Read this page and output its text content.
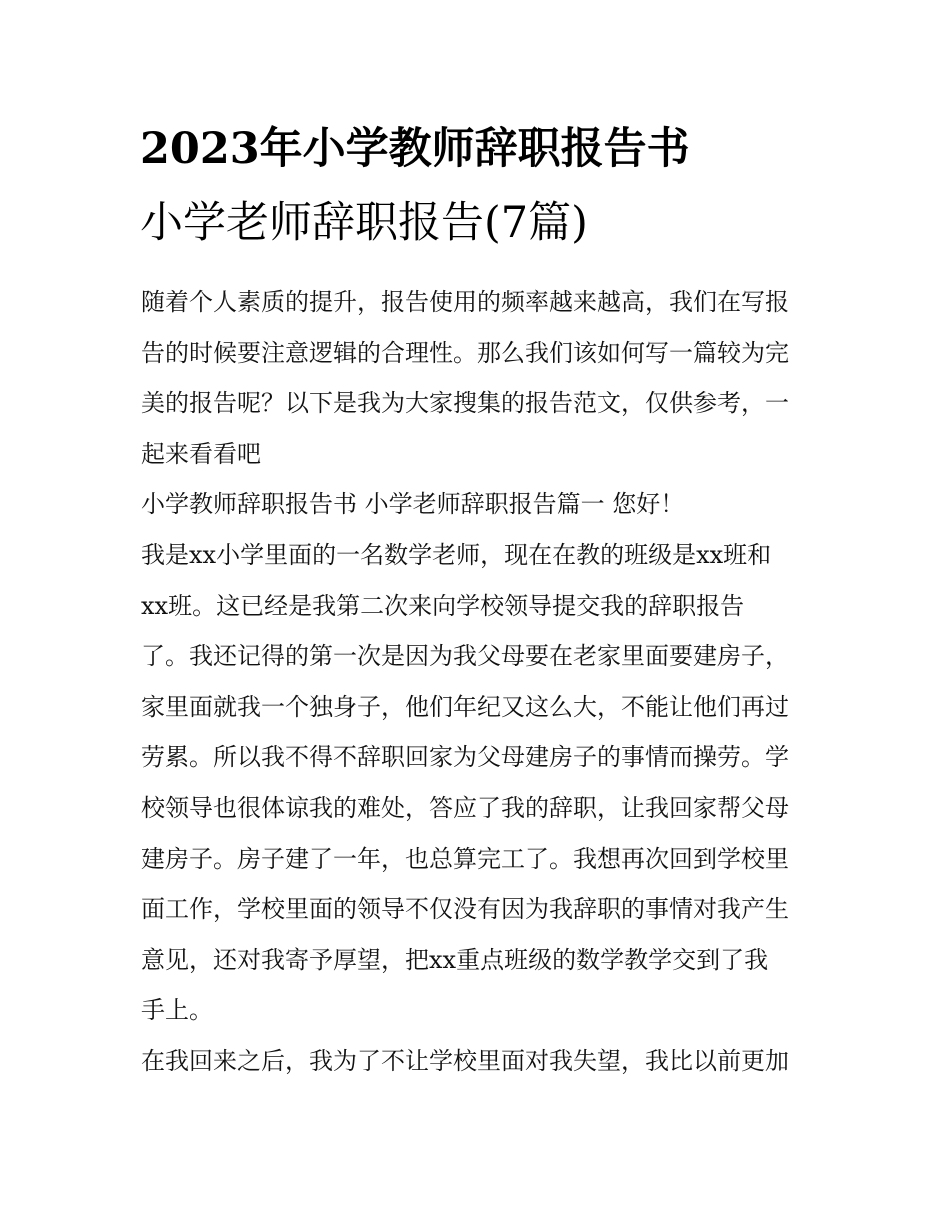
2023年小学教师辞职报告书
小学老师辞职报告(7篇)
随着个人素质的提升，报告使用的频率越来越高，我们在写报
告的时候要注意逻辑的合理性。那么我们该如何写一篇较为完
美的报告呢？以下是我为大家搜集的报告范文，仅供参考，一
起来看看吧
小学教师辞职报告书 小学老师辞职报告篇一 您好！
我是xx小学里面的一名数学老师，现在在教的班级是xx班和
xx班。这已经是我第二次来向学校领导提交我的辞职报告
了。我还记得的第一次是因为我父母要在老家里面要建房子，
家里面就我一个独身子，他们年纪又这么大，不能让他们再过
劳累。所以我不得不辞职回家为父母建房子的事情而操劳。学
校领导也很体谅我的难处，答应了我的辞职，让我回家帮父母
建房子。房子建了一年，也总算完工了。我想再次回到学校里
面工作，学校里面的领导不仅没有因为我辞职的事情对我产生
意见，还对我寄予厚望，把xx重点班级的数学教学交到了我
手上。
在我回来之后，我为了不让学校里面对我失望，我比以前更加
